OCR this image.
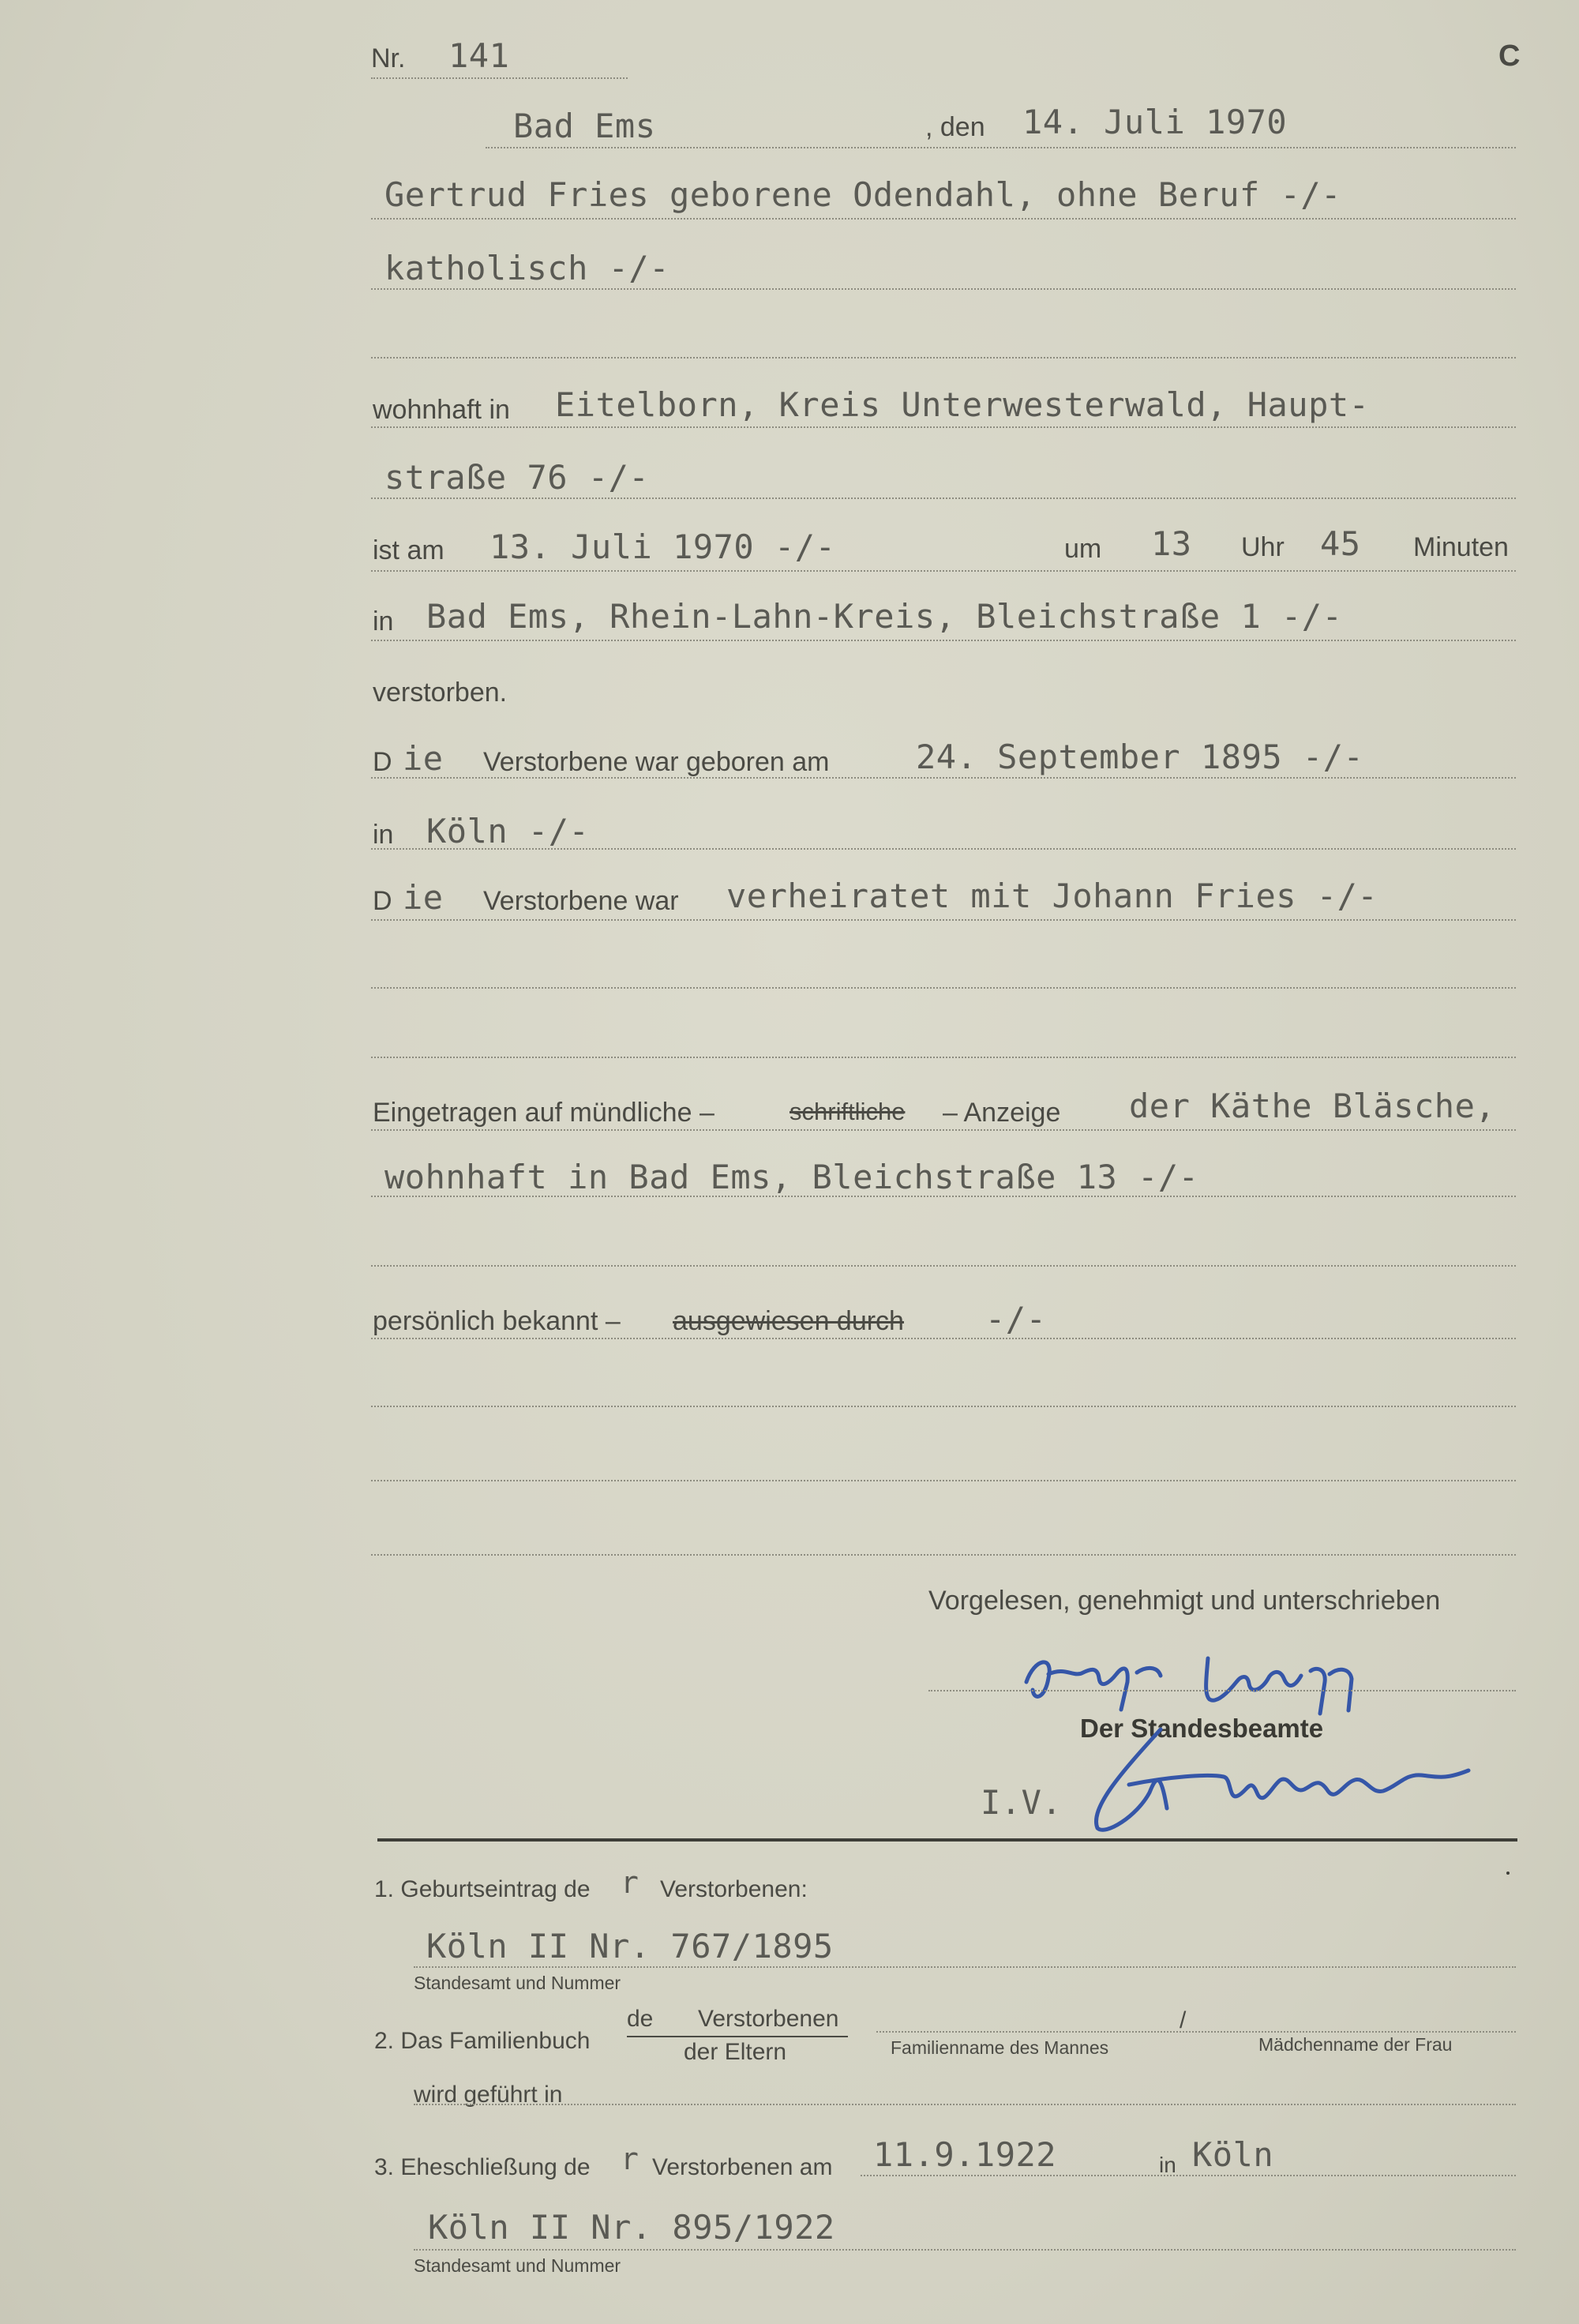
Nr. 141	C
Bad Ems	, den 14. Juli 1970
Gertrud Fries geborene Odendahl, ohne Beruf -/-
katholisch -/-
wohnhaft in Eitelborn, Kreis Unterwesterwald, Haupt-
straße 76 -/-
ist am 13. Juli 1970 -/-	um 13 Uhr 45 Minuten
in Bad Ems, Rhein-Lahn-Kreis, Bleichstraße 1 -/-
verstorben.
D ie Verstorbene war geboren am	24. September 1895 -/-
in Köln -/-
D ie Verstorbene war verheiratet mit Johann Fries -/-
Eingetragen auf mündliche –	schriftliche – Anzeige der Käthe Bläsche,
wohnhaft in Bad Ems, Bleichstraße 13 -/-
persönlich bekannt – ausgewiesen durch -/-
Vorgelesen, genehmigt und unterschrieben
Der Standesbeamte
I.V.
1. Geburtseintrag de r Verstorbenen:
Köln II Nr. 767/1895
Standesamt und Nummer
2. Das Familienbuch
de Verstorbenen
der Eltern	Familienname des Mannes
/
Mädchenname der Frau
wird geführt in
3. Eheschließung de r Verstorbenen am 11.9.1922	in Köln
Köln II Nr. 895/1922
Standesamt und Nummer
